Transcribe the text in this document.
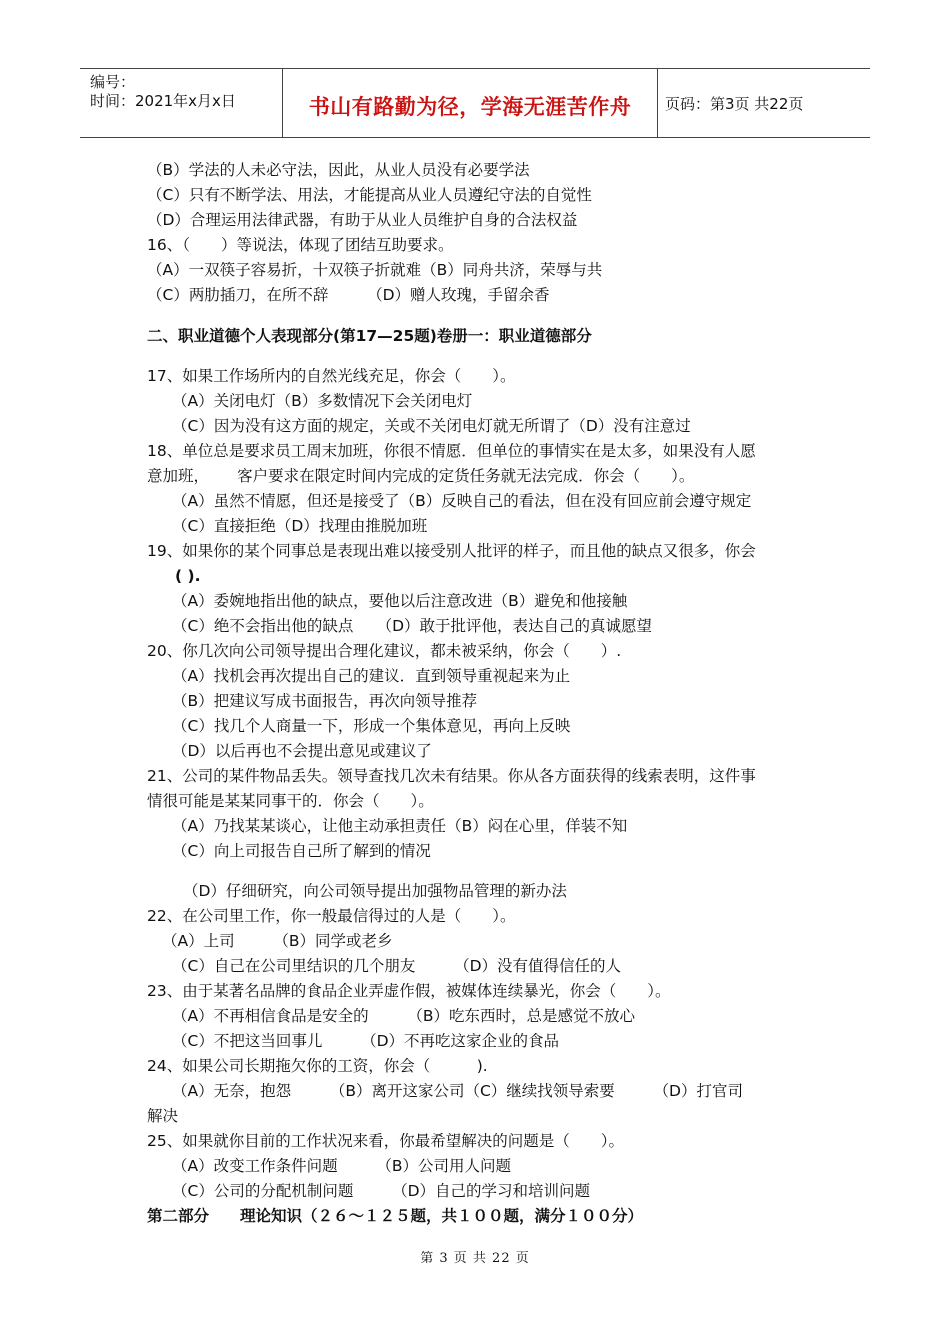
编号：
时间：2021年x月x日	书山有路勤为径，学海无涯苦作舟	页码：第3页 共22页
（B）学法的人未必守法，因此，从业人员没有必要学法
（C）只有不断学法、用法，才能提高从业人员遵纪守法的自觉性
（D）合理运用法律武器，有助于从业人员维护自身的合法权益
16、（　　）等说法，体现了团结互助要求。
（A）一双筷子容易折，十双筷子折就难（B）同舟共济，荣辱与共
（C）两肋插刀，在所不辞　　　（D）赠人玫瑰，手留余香
二、职业道德个人表现部分(第17—25题)卷册一：职业道德部分
17、如果工作场所内的自然光线充足，你会（　　）。
（A）关闭电灯（B）多数情况下会关闭电灯
（C）因为没有这方面的规定，关或不关闭电灯就无所谓了（D）没有注意过
18、单位总是要求员工周末加班，你很不情愿．但单位的事情实在是太多，如果没有人愿
意加班，　　 客户要求在限定时间内完成的定货任务就无法完成．你会（　　）。
（A）虽然不情愿，但还是接受了（B）反映自己的看法，但在没有回应前会遵守规定
（C）直接拒绝（D）找理由推脱加班
19、如果你的某个同事总是表现出难以接受别人批评的样子，而且他的缺点又很多，你会
( ).
（A）委婉地指出他的缺点，要他以后注意改进（B）避免和他接触
（C）绝不会指出他的缺点　　（D）敢于批评他，表达自己的真诚愿望
20、你几次向公司领导提出合理化建议，都未被采纳，你会（　　）.
（A）找机会再次提出自己的建议．直到领导重视起来为止
（B）把建议写成书面报告，再次向领导推荐
（C）找几个人商量一下，形成一个集体意见，再向上反映
（D）以后再也不会提出意见或建议了
21、公司的某件物品丢失。领导查找几次未有结果。你从各方面获得的线索表明，这件事
情很可能是某某同事干的．你会（　　）。
（A）乃找某某谈心，让他主动承担责任（B）闷在心里，佯装不知
（C）向上司报告自己所了解到的情况
（D）仔细研究，向公司领导提出加强物品管理的新办法
22、在公司里工作，你一般最信得过的人是（　　）。
（A）上司　　　（B）同学或老乡
（C）自己在公司里结识的几个朋友　　　（D）没有值得信任的人
23、由于某著名品牌的食品企业弄虚作假，被媒体连续暴光，你会（　　）。
（A）不再相信食品是安全的　　　（B）吃东西时，总是感觉不放心
（C）不把这当回事儿　　　（D）不再吃这家企业的食品
24、如果公司长期拖欠你的工资，你会（　　　).
（A）无奈，抱怨　　　（B）离开这家公司（C）继续找领导索要　　　（D）打官司
解决
25、如果就你目前的工作状况来看，你最希望解决的问题是（　　）。
（A）改变工作条件问题　　　（B）公司用人问题
（C）公司的分配机制问题　　　（D）自己的学习和培训问题
第二部分　　理论知识（２６～１２５题，共１００题，满分１００分）
第 3 页 共 22 页
